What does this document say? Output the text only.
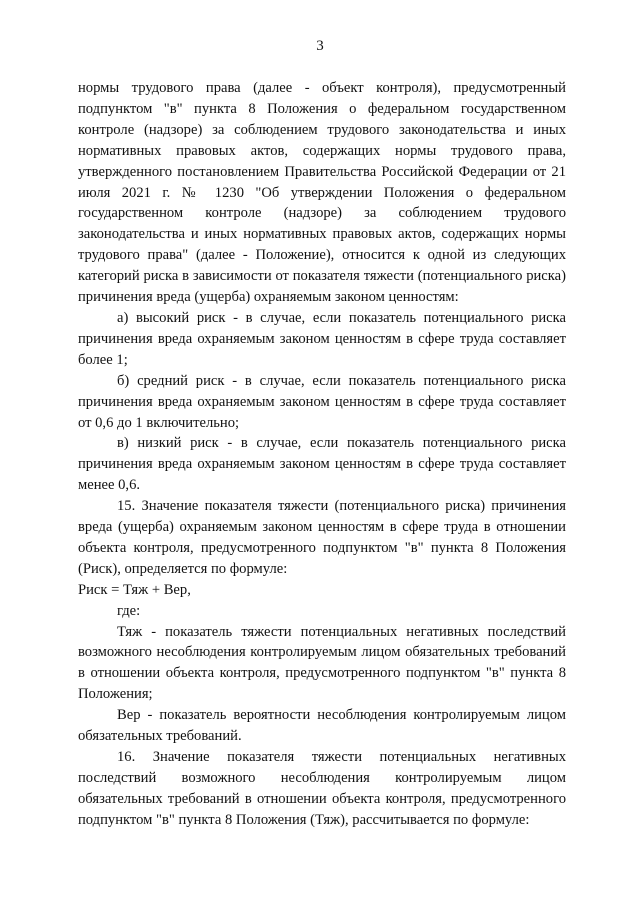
3

нормы трудового права (далее - объект контроля), предусмотренный подпунктом "в" пункта 8 Положения о федеральном государственном контроле (надзоре) за соблюдением трудового законодательства и иных нормативных правовых актов, содержащих нормы трудового права, утвержденного постановлением Правительства Российской Федерации от 21 июля 2021 г. № 1230 "Об утверждении Положения о федеральном государственном контроле (надзоре) за соблюдением трудового законодательства и иных нормативных правовых актов, содержащих нормы трудового права" (далее - Положение), относится к одной из следующих категорий риска в зависимости от показателя тяжести (потенциального риска) причинения вреда (ущерба) охраняемым законом ценностям:

а) высокий риск - в случае, если показатель потенциального риска причинения вреда охраняемым законом ценностям в сфере труда составляет более 1;

б) средний риск - в случае, если показатель потенциального риска причинения вреда охраняемым законом ценностям в сфере труда составляет от 0,6 до 1 включительно;

в) низкий риск - в случае, если показатель потенциального риска причинения вреда охраняемым законом ценностям в сфере труда составляет менее 0,6.

15. Значение показателя тяжести (потенциального риска) причинения вреда (ущерба) охраняемым законом ценностям в сфере труда в отношении объекта контроля, предусмотренного подпунктом "в" пункта 8 Положения (Риск), определяется по формуле:

Риск = Тяж + Вер,

где:

Тяж - показатель тяжести потенциальных негативных последствий возможного несоблюдения контролируемым лицом обязательных требований в отношении объекта контроля, предусмотренного подпунктом "в" пункта 8 Положения;

Вер - показатель вероятности несоблюдения контролируемым лицом обязательных требований.

16. Значение показателя тяжести потенциальных негативных последствий возможного несоблюдения контролируемым лицом обязательных требований в отношении объекта контроля, предусмотренного подпунктом "в" пункта 8 Положения (Тяж), рассчитывается по формуле:
